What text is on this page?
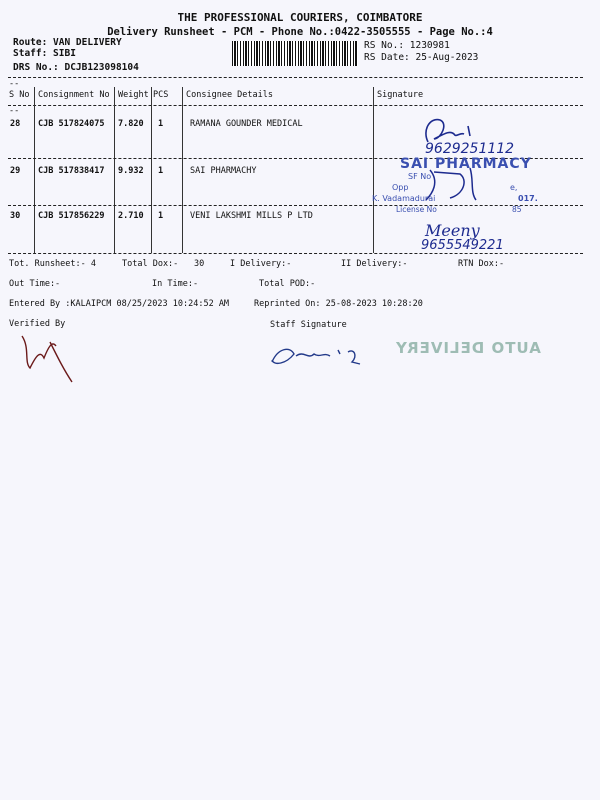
THE PROFESSIONAL COURIERS, COIMBATORE
Delivery Runsheet - PCM - Phone No.:0422-3505555 - Page No.:4
Route: VAN DELIVERY
Staff: SIBI
DRS No.: DCJB123098104
RS No.: 1230981
RS Date: 25-Aug-2023
--
--
S No Consignment No Weight PCS Consignee Details	Signature
28 CJB 517824075 7.820 1	RAMANA GOUNDER MEDICAL
29 CJB 517838417 9.932 1	SAI PHARMACHY
30 CJB 517856229 2.710 1	VENI LAKSHMI MILLS P LTD
9629251112
SAI PHARMACY
SF No
Opp
K. Vadamadurai
License No
e,
017.
85
Meeny
9655549221
Tot. Runsheet:- 4	Total Dox:- 30	I Delivery:-	II Delivery:-	RTN Dox:-
Out Time:-	In Time:-	Total POD:-
Entered By :KALAIPCM 08/25/2023 10:24:52 AM	Reprinted On: 25-08-2023 10:28:20
Verified By	Staff Signature
AUTO DELIVERY
